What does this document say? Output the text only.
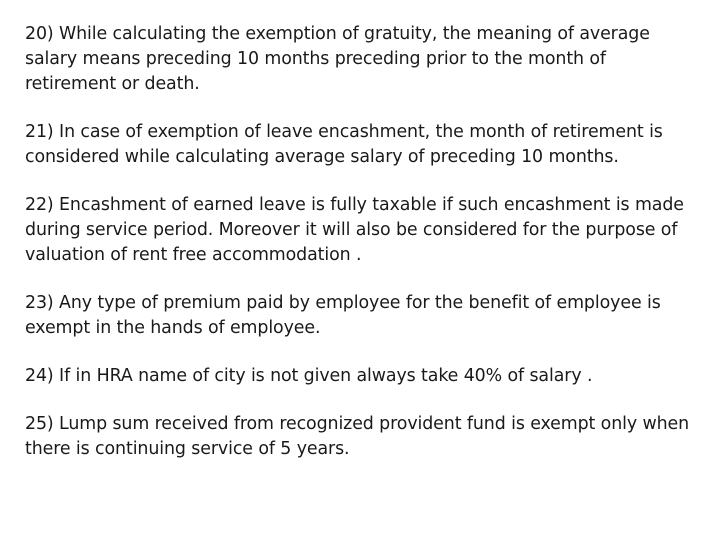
20) While calculating the exemption of gratuity, the meaning of average salary means preceding 10 months preceding prior to the month of retirement or death.
21) In case of exemption of leave encashment, the month of retirement is considered while calculating average salary of preceding 10 months.
22) Encashment of earned leave is fully taxable if such encashment is made during service period. Moreover it will also be considered for the purpose of valuation of rent free accommodation .
23) Any type of premium paid by employee for the benefit of employee is exempt in the hands of employee.
24) If in HRA name of city is not given always take 40% of salary .
25) Lump sum received from recognized provident fund is exempt only when there is continuing service of 5 years.
